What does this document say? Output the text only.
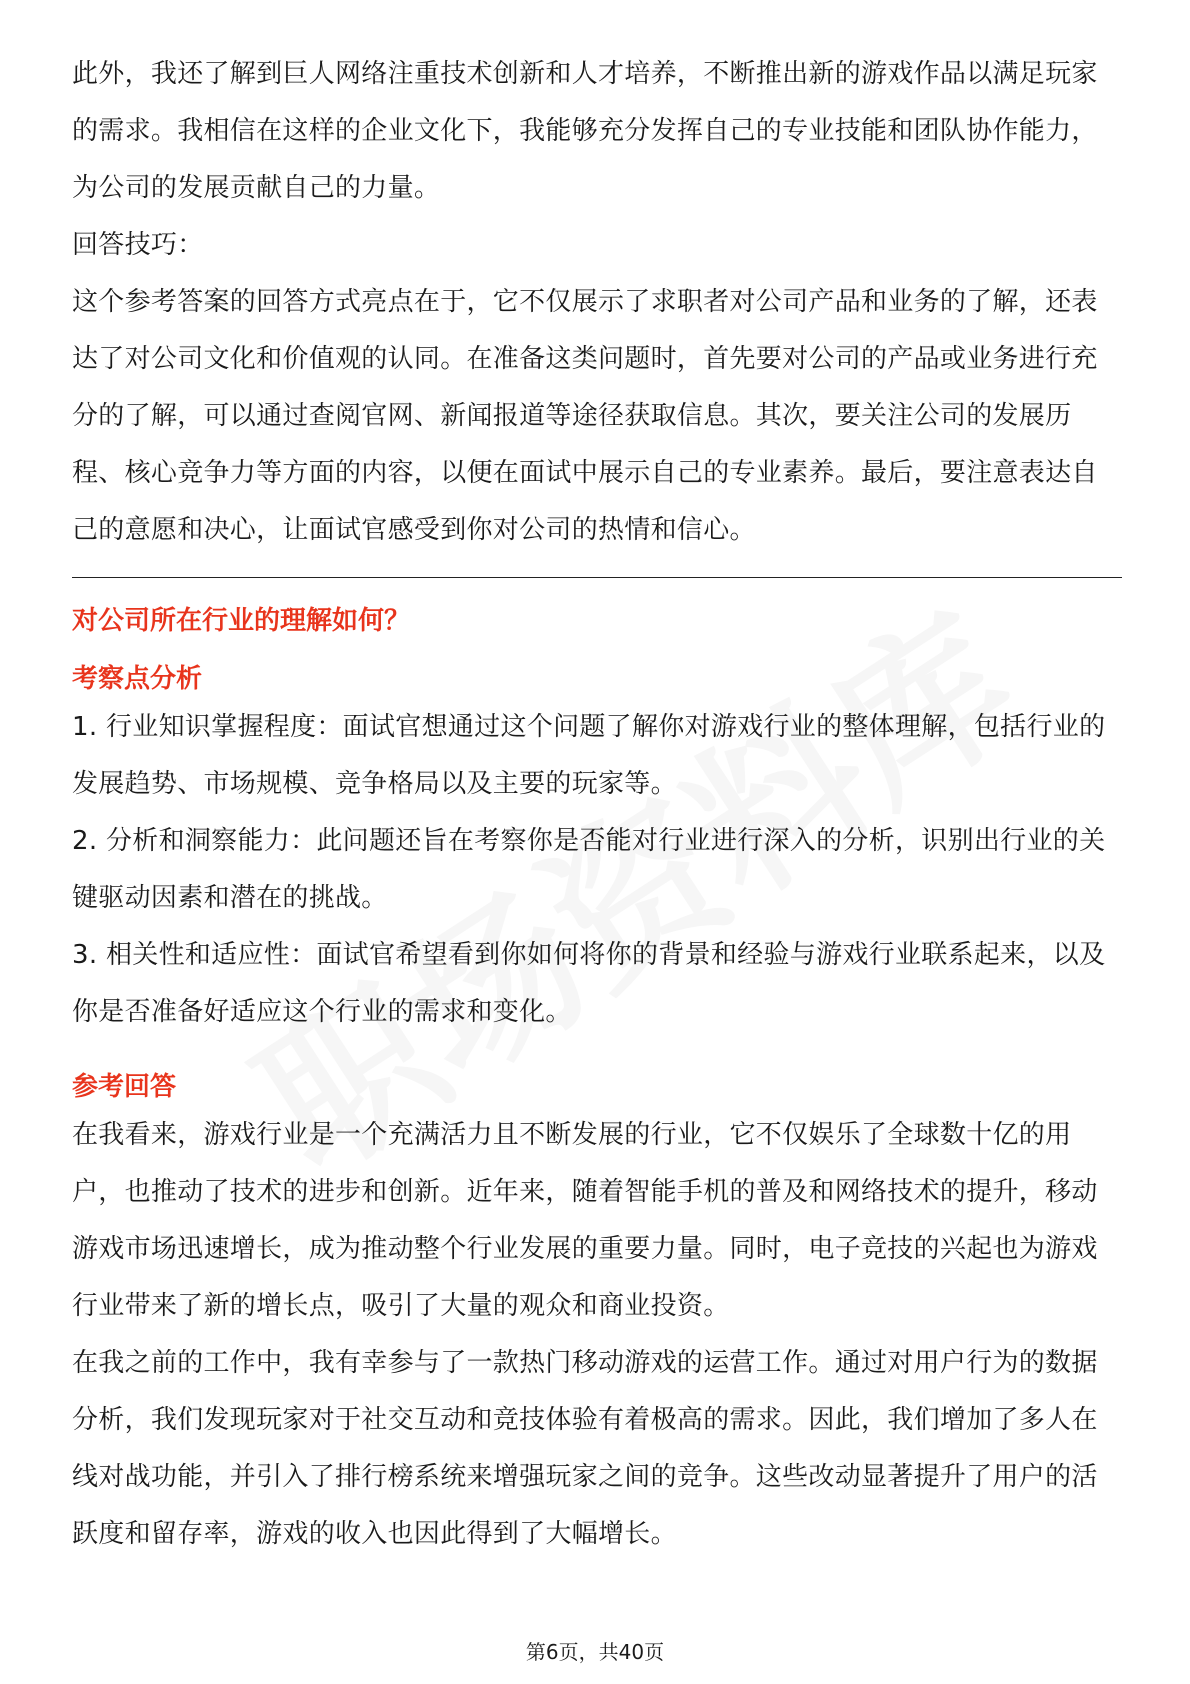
此外，我还了解到巨人网络注重技术创新和人才培养，不断推出新的游戏作品以满足玩家的需求。我相信在这样的企业文化下，我能够充分发挥自己的专业技能和团队协作能力，为公司的发展贡献自己的力量。

回答技巧：

这个参考答案的回答方式亮点在于，它不仅展示了求职者对公司产品和业务的了解，还表达了对公司文化和价值观的认同。在准备这类问题时，首先要对公司的产品或业务进行充分的了解，可以通过查阅官网、新闻报道等途径获取信息。其次，要关注公司的发展历程、核心竞争力等方面的内容，以便在面试中展示自己的专业素养。最后，要注意表达自己的意愿和决心，让面试官感受到你对公司的热情和信心。

对公司所在行业的理解如何？

考察点分析

1. 行业知识掌握程度：面试官想通过这个问题了解你对游戏行业的整体理解，包括行业的发展趋势、市场规模、竞争格局以及主要的玩家等。

2. 分析和洞察能力：此问题还旨在考察你是否能对行业进行深入的分析，识别出行业的关键驱动因素和潜在的挑战。

3. 相关性和适应性：面试官希望看到你如何将你的背景和经验与游戏行业联系起来，以及你是否准备好适应这个行业的需求和变化。

参考回答

在我看来，游戏行业是一个充满活力且不断发展的行业，它不仅娱乐了全球数十亿的用户，也推动了技术的进步和创新。近年来，随着智能手机的普及和网络技术的提升，移动游戏市场迅速增长，成为推动整个行业发展的重要力量。同时，电子竞技的兴起也为游戏行业带来了新的增长点，吸引了大量的观众和商业投资。

在我之前的工作中，我有幸参与了一款热门移动游戏的运营工作。通过对用户行为的数据分析，我们发现玩家对于社交互动和竞技体验有着极高的需求。因此，我们增加了多人在线对战功能，并引入了排行榜系统来增强玩家之间的竞争。这些改动显著提升了用户的活跃度和留存率，游戏的收入也因此得到了大幅增长。

第6页，共40页
